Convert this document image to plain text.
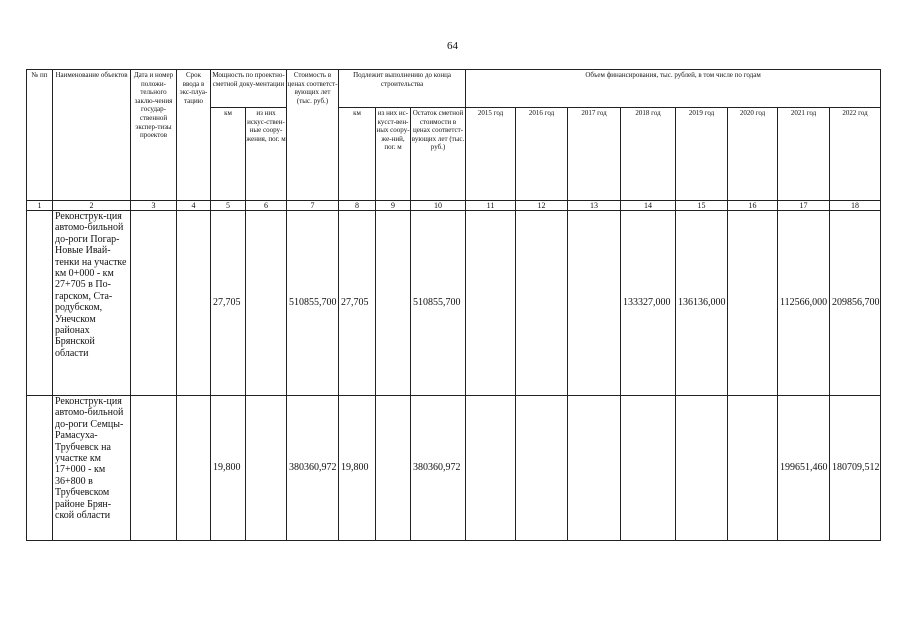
64
№ пп	Наименование объектов	Дата и номер положи-тельного заклю-чения государ-ственной экспер-тизы проектов	Срок ввода в экс-плуа-тацию	Мощность по проектно-сметной доку-ментации		Стоимость в ценах соответст-вующих лет (тыс. руб.)	Подлежит выполнению до конца строительства			Объем финансирования, тыс. рублей, в том числе по годам							
				км	из них искус-ствен-ные соору-жения, пог. м		км	из них ис-кусст-вен-ных соору-же-ний, пог. м	Остаток сметной стоимости в ценах соответст-вующих лет (тыс. руб.)	2015 год	2016 год	2017 год	2018 год	2019 год	2020 год	2021 год	2022 год
1	2	3	4	5	6	7	8	9	10	11	12	13	14	15	16	17	18
	Реконструк-ция автомо-бильной до-роги Погар-Новые Ивай-тенки на участке км 0+000 - км 27+705 в По-гарском, Ста-родубском, Унечском районах Брянской области			27,705		510855,700	27,705		510855,700				133327,000	136136,000		112566,000	209856,700
	Реконструк-ция автомо-бильной до-роги Семцы-Рамасуха-Трубчевск на участке км 17+000 - км 36+800 в Трубчевском районе Брян-ской области			19,800		380360,972	19,800		380360,972							199651,460	180709,512
